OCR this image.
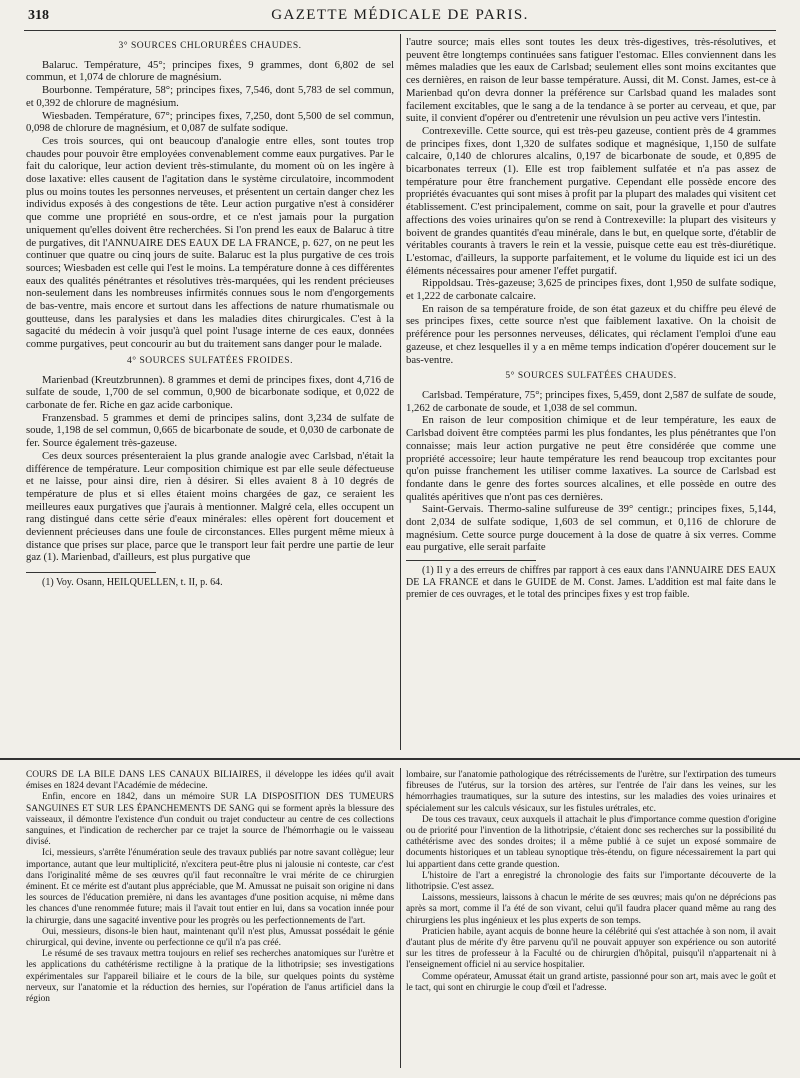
318	GAZETTE MÉDICALE DE PARIS.
3° SOURCES CHLORURÉES CHAUDES.

Balaruc. Température, 45°; principes fixes, 9 grammes, dont 6,802 de sel commun, et 1,074 de chlorure de magnésium.

Bourbonne. Température, 58°; principes fixes, 7,546, dont 5,783 de sel commun, et 0,392 de chlorure de magnésium.

Wiesbaden. Température, 67°; principes fixes, 7,250, dont 5,500 de sel commun, 0,098 de chlorure de magnésium, et 0,087 de sulfate sodique.

Ces trois sources, qui ont beaucoup d'analogie entre elles, sont toutes trop chaudes pour pouvoir être employées convenablement comme eaux purgatives. Par le fait du calorique, leur action devient très-stimulante, du moment où on les ingère à dose laxative: elles causent de l'agitation dans le système circulatoire, incommodent plus ou moins toutes les personnes nerveuses, et présentent un certain danger chez les individus exposés à des congestions de tête. Leur action purgative n'est à considérer que comme une propriété en sous-ordre, et ce n'est jamais pour la purgation uniquement qu'elles doivent être recherchées. Si l'on prend les eaux de Balaruc à titre de purgatives, dit l'ANNUAIRE DES EAUX DE LA FRANCE, p. 627, on ne peut les continuer que quatre ou cinq jours de suite. Balaruc est la plus purgative de ces trois sources; Wiesbaden est celle qui l'est le moins. La température donne à ces différentes eaux des qualités pénétrantes et résolutives très-marquées, qui les rendent précieuses non-seulement dans les nombreuses infirmités connues sous le nom d'engorgements de bas-ventre, mais encore et surtout dans les affections de nature rhumatismale ou goutteuse, dans les paralysies et dans les maladies dites chirurgicales. C'est à la sagacité du médecin à voir jusqu'à quel point l'usage interne de ces eaux, données comme purgatives, peut concourir au but du traitement sans danger pour le malade.

4° SOURCES SULFATÉES FROIDES.

Marienbad (Kreutzbrunnen). 8 grammes et demi de principes fixes, dont 4,716 de sulfate de soude, 1,700 de sel commun, 0,900 de bicarbonate sodique, et 0,022 de carbonate de fer. Riche en gaz acide carbonique.

Franzensbad. 5 grammes et demi de principes salins, dont 3,234 de sulfate de soude, 1,198 de sel commun, 0,665 de bicarbonate de soude, et 0,030 de carbonate de fer. Source également très-gazeuse.

Ces deux sources présenteraient la plus grande analogie avec Carlsbad, n'était la différence de température. Leur composition chimique est par elle seule défectueuse et ne laisse, pour ainsi dire, rien à désirer. Si elles avaient 8 à 10 degrés de température de plus et si elles étaient moins chargées de gaz, ce seraient les meilleures eaux purgatives que j'aurais à mentionner. Malgré cela, elles occupent un rang distingué dans cette série d'eaux minérales: elles opèrent fort doucement et deviennent précieuses dans une foule de circonstances. Elles purgent même mieux à distance que prises sur place, parce que le transport leur fait perdre une partie de leur gaz (1). Marienbad, d'ailleurs, est plus purgative que

(1) Voy. Osann, HEILQUELLEN, t. II, p. 64.

l'autre source; mais elles sont toutes les deux très-digestives, très-résolutives, et peuvent être longtemps continuées sans fatiguer l'estomac. Elles conviennent dans les mêmes maladies que les eaux de Carlsbad; seulement elles sont moins excitantes que ces dernières, en raison de leur basse température. Aussi, dit M. Const. James, est-ce à Marienbad qu'on devra donner la préférence sur Carlsbad quand les malades sont facilement excitables, que le sang a de la tendance à se porter au cerveau, et que, par suite, il convient d'opérer ou d'entretenir une révulsion un peu active vers l'intestin.

Contrexeville. Cette source, qui est très-peu gazeuse, contient près de 4 grammes de principes fixes, dont 1,320 de sulfates sodique et magnésique, 1,150 de sulfate calcaire, 0,140 de chlorures alcalins, 0,197 de bicarbonate de soude, et 0,895 de bicarbonates terreux (1). Elle est trop faiblement sulfatée et n'a pas assez de température pour être franchement purgative. Cependant elle possède encore des propriétés évacuantes qui sont mises à profit par la plupart des malades qui visitent cet établissement. C'est principalement, comme on sait, pour la gravelle et pour d'autres affections des voies urinaires qu'on se rend à Contrexeville: la plupart des visiteurs y boivent de grandes quantités d'eau minérale, dans le but, en quelque sorte, d'établir de véritables courants à travers le rein et la vessie, puisque cette eau est très-diurétique. L'estomac, d'ailleurs, la supporte parfaitement, et le volume du liquide est ici un des éléments nécessaires pour amener l'effet purgatif.

Rippoldsau. Très-gazeuse; 3,625 de principes fixes, dont 1,950 de sulfate sodique, et 1,222 de carbonate calcaire.

En raison de sa température froide, de son état gazeux et du chiffre peu élevé de ses principes fixes, cette source n'est que faiblement laxative. On la choisit de préférence pour les personnes nerveuses, délicates, qui réclament l'emploi d'une eau gazeuse, et chez lesquelles il y a en même temps indication d'opérer doucement sur le bas-ventre.

5° SOURCES SULFATÉES CHAUDES.

Carlsbad. Température, 75°; principes fixes, 5,459, dont 2,587 de sulfate de soude, 1,262 de carbonate de soude, et 1,038 de sel commun.

En raison de leur composition chimique et de leur température, les eaux de Carlsbad doivent être comptées parmi les plus fondantes, les plus pénétrantes que l'on connaisse; mais leur action purgative ne peut être considérée que comme une propriété accessoire; leur haute température les rend beaucoup trop excitantes pour qu'on puisse franchement les utiliser comme laxatives. La source de Carlsbad est fondante dans le genre des fortes sources alcalines, et elle possède en outre des qualités apéritives que n'ont pas ces dernières.

Saint-Gervais. Thermo-saline sulfureuse de 39° centigr.; principes fixes, 5,144, dont 2,034 de sulfate sodique, 1,603 de sel commun, et 0,116 de chlorure de magnésium. Cette source purge doucement à la dose de quatre à six verres. Comme eau purgative, elle serait parfaite

(1) Il y a des erreurs de chiffres par rapport à ces eaux dans l'ANNUAIRE DES EAUX DE LA FRANCE et dans le GUIDE de M. Const. James. L'addition est mal faite dans le premier de ces ouvrages, et le total des principes fixes y est trop faible.

COURS DE LA BILE DANS LES CANAUX BILIAIRES, il développe les idées qu'il avait émises en 1824 devant l'Académie de médecine.

Enfin, encore en 1842, dans un mémoire SUR LA DISPOSITION DES TUMEURS SANGUINES ET SUR LES ÉPANCHEMENTS DE SANG qui se forment après la blessure des vaisseaux, il démontre l'existence d'un conduit ou trajet conducteur au centre de ces collections sanguines, et l'indication de rechercher par ce trajet la source de l'hémorrhagie ou le vaisseau divisé.

Ici, messieurs, s'arrête l'énumération seule des travaux publiés par notre savant collègue; leur importance, autant que leur multiplicité, n'excitera peut-être plus ni jalousie ni conteste, car c'est dans l'originalité même de ses œuvres qu'il faut reconnaître le vrai mérite de ce chirurgien éminent. Et ce mérite est d'autant plus appréciable, que M. Amussat ne puisait son origine ni dans les sources de l'éducation première, ni dans les avantages d'une position acquise, ni même dans les chances d'une renommée future; mais il l'avait tout entier en lui, dans sa vocation innée pour la chirurgie, dans une sagacité inventive pour les progrès ou les perfectionnements de l'art.

Oui, messieurs, disons-le bien haut, maintenant qu'il n'est plus, Amussat possédait le génie chirurgical, qui devine, invente ou perfectionne ce qu'il n'a pas créé.

Le résumé de ses travaux mettra toujours en relief ses recherches anatomiques sur l'urètre et les applications du cathétérisme rectiligne à la pratique de la lithotripsie; ses investigations expérimentales sur l'appareil biliaire et le cours de la bile, sur quelques points du système nerveux, sur l'anatomie et la réduction des hernies, sur l'opération de l'anus artificiel dans la région

lombaire, sur l'anatomie pathologique des rétrécissements de l'urètre, sur l'extirpation des tumeurs fibreuses de l'utérus, sur la torsion des artères, sur l'entrée de l'air dans les veines, sur les hémorrhagies traumatiques, sur la suture des intestins, sur les maladies des voies urinaires et spécialement sur les calculs vésicaux, sur les fistules urétrales, etc.

De tous ces travaux, ceux auxquels il attachait le plus d'importance comme question d'origine ou de priorité pour l'invention de la lithotripsie, c'étaient donc ses recherches sur la possibilité du cathétérisme avec des sondes droites; il a même publié à ce sujet un exposé sommaire de documents historiques et un tableau synoptique très-étendu, on figure nécessairement la part qui lui appartient dans cette grande question.

L'histoire de l'art a enregistré la chronologie des faits sur l'importante découverte de la lithotripsie. C'est assez.

Laissons, messieurs, laissons à chacun le mérite de ses œuvres; mais qu'on ne déprécions pas après sa mort, comme il l'a été de son vivant, celui qu'il faudra placer quand même au rang des chirurgiens les plus ingénieux et les plus experts de son temps.

Praticien habile, ayant acquis de bonne heure la célébrité qui s'est attachée à son nom, il avait d'autant plus de mérite d'y être parvenu qu'il ne pouvait appuyer son expérience ou son autorité sur les titres de professeur à la Faculté ou de chirurgien d'hôpital, puisqu'il n'appartenait ni à l'enseignement officiel ni au service hospitalier.

Comme opérateur, Amussat était un grand artiste, passionné pour son art, mais avec le goût et le tact, qui sont en chirurgie le coup d'œil et l'adresse.
